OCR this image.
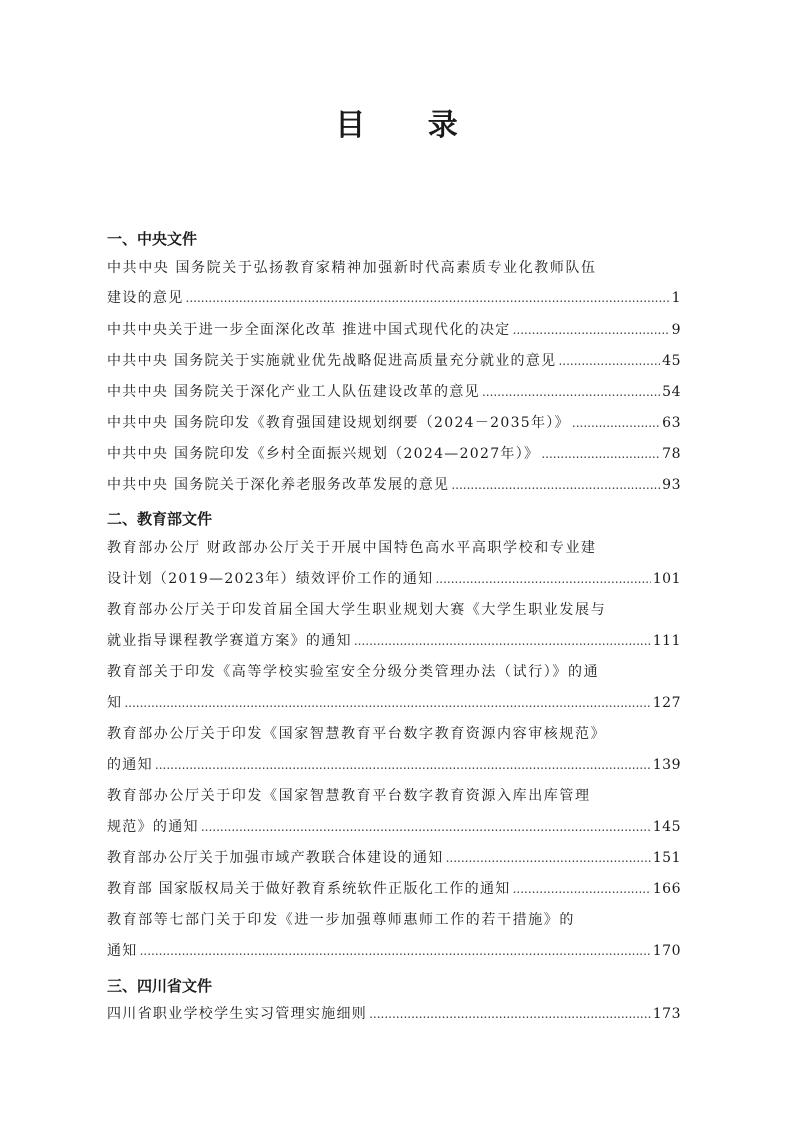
目 录
一、中央文件
中共中央 国务院关于弘扬教育家精神加强新时代高素质专业化教师队伍
建设的意见 .....	1
中共中央关于进一步全面深化改革 推进中国式现代化的决定 .....	9
中共中央 国务院关于实施就业优先战略促进高质量充分就业的意见 .....	45
中共中央 国务院关于深化产业工人队伍建设改革的意见 .....	54
中共中央 国务院印发《教育强国建设规划纲要（2024－2035年）》 .....	63
中共中央 国务院印发《乡村全面振兴规划（2024—2027年）》 .....	78
中共中央 国务院关于深化养老服务改革发展的意见 .....	93
二、教育部文件
教育部办公厅 财政部办公厅关于开展中国特色高水平高职学校和专业建
设计划（2019—2023年）绩效评价工作的通知 .....	101
教育部办公厅关于印发首届全国大学生职业规划大赛《大学生职业发展与
就业指导课程教学赛道方案》的通知 .....	111
教育部关于印发《高等学校实验室安全分级分类管理办法（试行）》的通
知 .....	127
教育部办公厅关于印发《国家智慧教育平台数字教育资源内容审核规范》
的通知 .....	139
教育部办公厅关于印发《国家智慧教育平台数字教育资源入库出库管理
规范》的通知 .....	145
教育部办公厅关于加强市域产教联合体建设的通知 .....	151
教育部 国家版权局关于做好教育系统软件正版化工作的通知 .....	166
教育部等七部门关于印发《进一步加强尊师惠师工作的若干措施》的
通知 .....	170
三、四川省文件
四川省职业学校学生实习管理实施细则 .....	173
